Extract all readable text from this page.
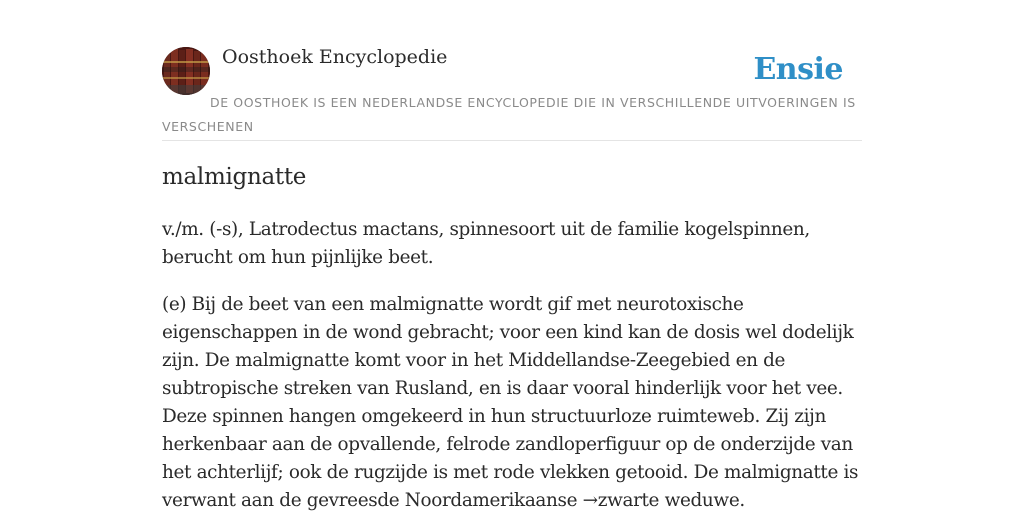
Oosthoek Encyclopedie	Ensie
DE OOSTHOEK IS EEN NEDERLANDSE ENCYCLOPEDIE DIE IN VERSCHILLENDE UITVOERINGEN IS VERSCHENEN
malmignatte

v./m. (-s), Latrodectus mactans, spinnesoort uit de familie kogelspinnen, berucht om hun pijnlijke beet.

(e) Bij de beet van een malmignatte wordt gif met neurotoxische eigenschappen in de wond gebracht; voor een kind kan de dosis wel dodelijk zijn. De malmignatte komt voor in het Middellandse-Zeegebied en de subtropische streken van Rusland, en is daar vooral hinderlijk voor het vee. Deze spinnen hangen omgekeerd in hun structuurloze ruimteweb. Zij zijn herkenbaar aan de opvallende, felrode zandloperfiguur op de onderzijde van het achterlijf; ook de rugzijde is met rode vlekken getooid. De malmignatte is verwant aan de gevreesde Noordamerikaanse →zwarte weduwe.
